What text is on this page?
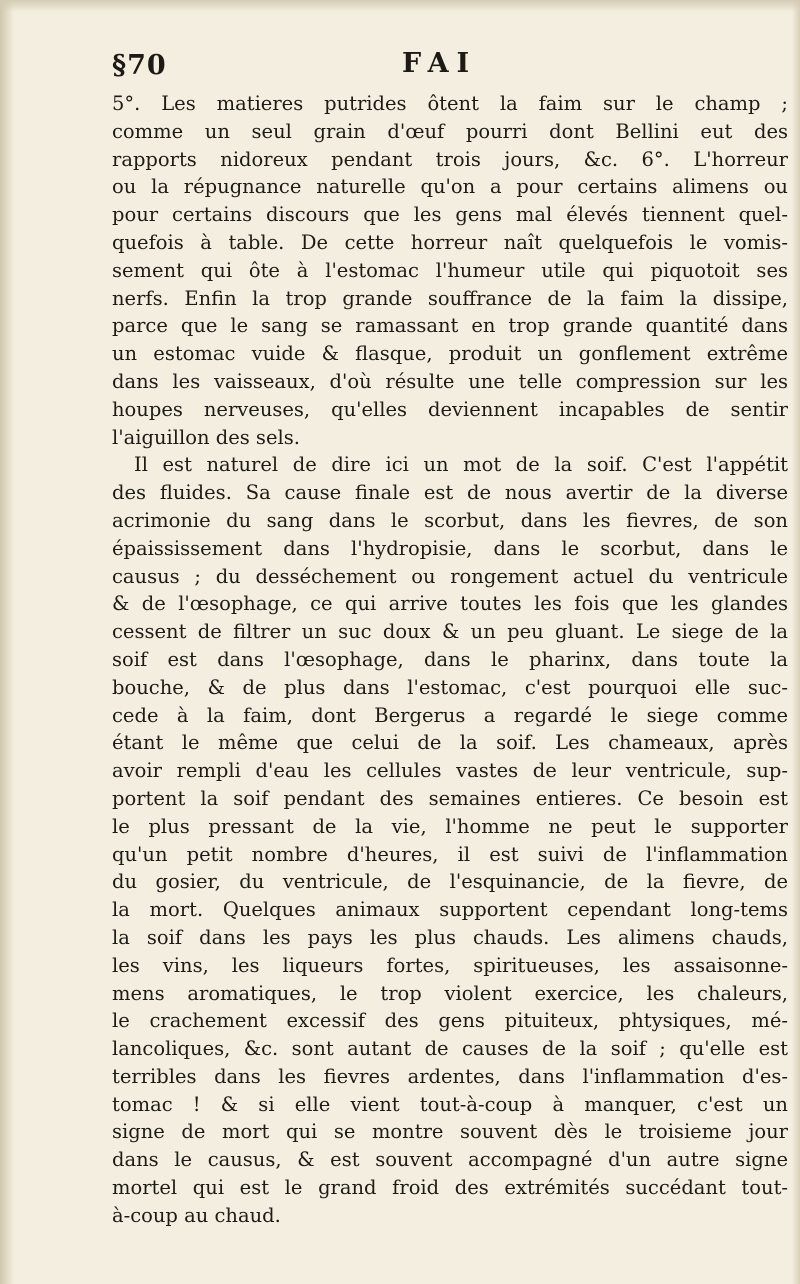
§70	FAI
5°. Les matieres putrides ôtent la faim sur le champ ;
comme un seul grain d'œuf pourri dont Bellini eut des
rapports nidoreux pendant trois jours, &c. 6°. L'horreur
ou la répugnance naturelle qu'on a pour certains alimens ou
pour certains discours que les gens mal élevés tiennent quel-
quefois à table. De cette horreur naît quelquefois le vomis-
sement qui ôte à l'estomac l'humeur utile qui piquotoit ses
nerfs. Enfin la trop grande souffrance de la faim la dissipe,
parce que le sang se ramassant en trop grande quantité dans
un estomac vuide & flasque, produit un gonflement extrême
dans les vaisseaux, d'où résulte une telle compression sur les
houpes nerveuses, qu'elles deviennent incapables de sentir
l'aiguillon des sels.
Il est naturel de dire ici un mot de la soif. C'est l'appétit
des fluides. Sa cause finale est de nous avertir de la diverse
acrimonie du sang dans le scorbut, dans les fievres, de son
épaississement dans l'hydropisie, dans le scorbut, dans le
causus ; du desséchement ou rongement actuel du ventricule
& de l'œsophage, ce qui arrive toutes les fois que les glandes
cessent de filtrer un suc doux & un peu gluant. Le siege de la
soif est dans l'œsophage, dans le pharinx, dans toute la
bouche, & de plus dans l'estomac, c'est pourquoi elle suc-
cede à la faim, dont Bergerus a regardé le siege comme
étant le même que celui de la soif. Les chameaux, après
avoir rempli d'eau les cellules vastes de leur ventricule, sup-
portent la soif pendant des semaines entieres. Ce besoin est
le plus pressant de la vie, l'homme ne peut le supporter
qu'un petit nombre d'heures, il est suivi de l'inflammation
du gosier, du ventricule, de l'esquinancie, de la fievre, de
la mort. Quelques animaux supportent cependant long-tems
la soif dans les pays les plus chauds. Les alimens chauds,
les vins, les liqueurs fortes, spiritueuses, les assaisonne-
mens aromatiques, le trop violent exercice, les chaleurs,
le crachement excessif des gens pituiteux, phtysiques, mé-
lancoliques, &c. sont autant de causes de la soif ; qu'elle est
terribles dans les fievres ardentes, dans l'inflammation d'es-
tomac ! & si elle vient tout-à-coup à manquer, c'est un
signe de mort qui se montre souvent dès le troisieme jour
dans le causus, & est souvent accompagné d'un autre signe
mortel qui est le grand froid des extrémités succédant tout-
à-coup au chaud.
